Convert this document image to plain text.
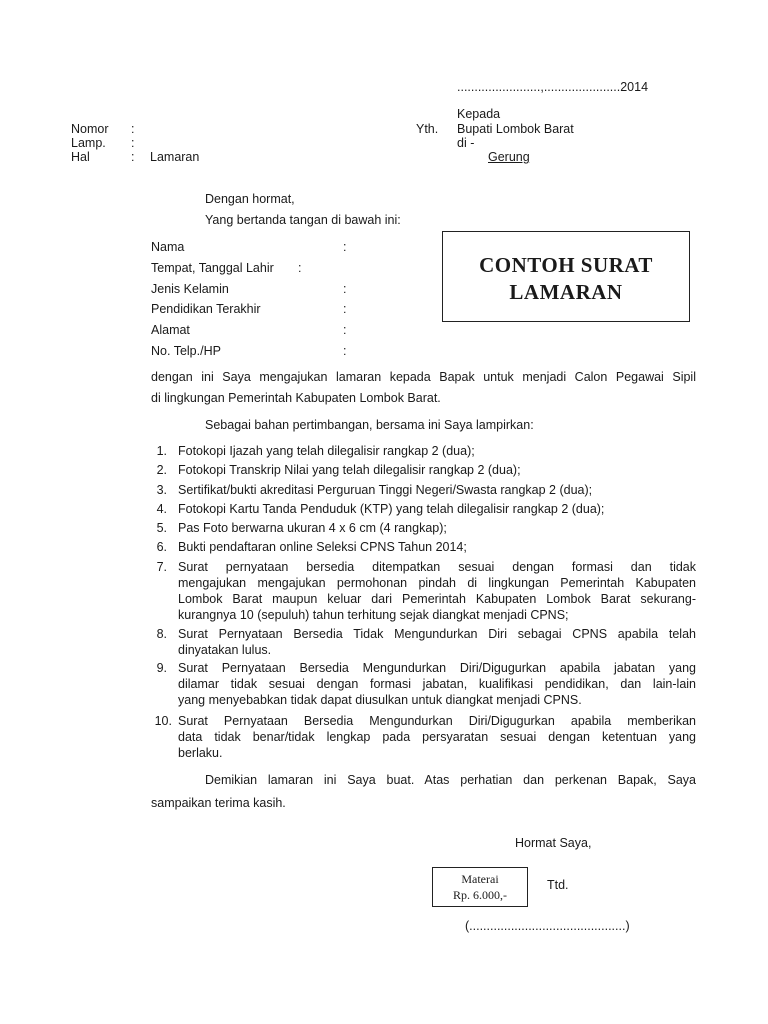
........................,......................2014
Kepada
Yth. Bupati Lombok Barat
di -
Gerung
Nomor :
Lamp. :
Hal	: Lamaran
Dengan hormat,
Yang bertanda tangan di bawah ini:
Nama	:
Tempat, Tanggal Lahir :
Jenis Kelamin	:
Pendidikan Terakhir	:
Alamat	:
No. Telp./HP	:
CONTOH SURAT
LAMARAN
dengan ini Saya mengajukan lamaran kepada Bapak untuk menjadi Calon Pegawai Sipil
di lingkungan Pemerintah Kabupaten Lombok Barat.
Sebagai bahan pertimbangan, bersama ini Saya lampirkan:
1. Fotokopi Ijazah yang telah dilegalisir rangkap 2 (dua);
2. Fotokopi Transkrip Nilai yang telah dilegalisir rangkap 2 (dua);
3. Sertifikat/bukti akreditasi Perguruan Tinggi Negeri/Swasta rangkap 2 (dua);
4. Fotokopi Kartu Tanda Penduduk (KTP) yang telah dilegalisir rangkap 2 (dua);
5. Pas Foto berwarna ukuran 4 x 6 cm (4 rangkap);
6. Bukti pendaftaran online Seleksi CPNS Tahun 2014;
7. Surat pernyataan bersedia ditempatkan sesuai dengan formasi dan tidak
mengajukan mengajukan permohonan pindah di lingkungan Pemerintah Kabupaten
Lombok Barat maupun keluar dari Pemerintah Kabupaten Lombok Barat sekurang-
kurangnya 10 (sepuluh) tahun terhitung sejak diangkat menjadi CPNS;
8. Surat Pernyataan Bersedia Tidak Mengundurkan Diri sebagai CPNS apabila telah
dinyatakan lulus.
9. Surat Pernyataan Bersedia Mengundurkan Diri/Digugurkan apabila jabatan yang
dilamar tidak sesuai dengan formasi jabatan, kualifikasi pendidikan, dan lain-lain
yang menyebabkan tidak dapat diusulkan untuk diangkat menjadi CPNS.
10. Surat Pernyataan Bersedia Mengundurkan Diri/Digugurkan apabila memberikan
data tidak benar/tidak lengkap pada persyaratan sesuai dengan ketentuan yang
berlaku.
Demikian lamaran ini Saya buat. Atas perhatian dan perkenan Bapak, Saya
sampaikan terima kasih.
Hormat Saya,
Materai
Rp. 6.000,-
Ttd.
(.............................................)
